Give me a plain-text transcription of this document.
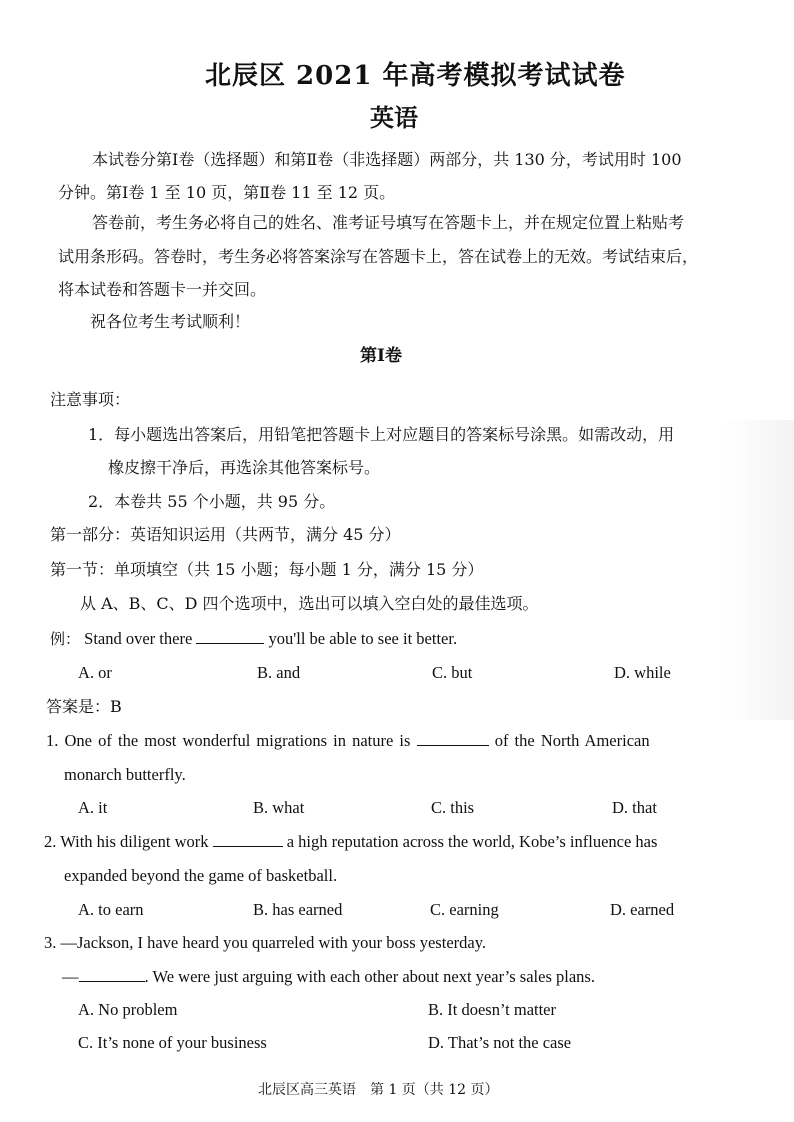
北辰区 2021 年高考模拟考试试卷
英语
本试卷分第Ⅰ卷（选择题）和第Ⅱ卷（非选择题）两部分，共 130 分，考试用时 100
分钟。第Ⅰ卷 1 至 10 页，第Ⅱ卷 11 至 12 页。
答卷前，考生务必将自己的姓名、准考证号填写在答题卡上，并在规定位置上粘贴考
试用条形码。答卷时，考生务必将答案涂写在答题卡上，答在试卷上的无效。考试结束后，
将本试卷和答题卡一并交回。
祝各位考生考试顺利！
第Ⅰ卷
注意事项：
1．每小题选出答案后，用铅笔把答题卡上对应题目的答案标号涂黑。如需改动，用
橡皮擦干净后，再选涂其他答案标号。
2．本卷共 55 个小题，共 95 分。
第一部分：英语知识运用（共两节，满分 45 分）
第一节：单项填空（共 15 小题；每小题 1 分，满分 15 分）
从 A、B、C、D 四个选项中，选出可以填入空白处的最佳选项。
例： Stand over there	you'll be able to see it better.
A. or	B. and	C. but	D. while
答案是：B
1. One of the most wonderful migrations in nature is	of the North American
monarch butterfly.
A. it	B. what	C. this	D. that
2. With his diligent work	a high reputation across the world, Kobe’s influence has
expanded beyond the game of basketball.
A. to earn	B. has earned	C. earning	D. earned
3. —Jackson, I have heard you quarreled with your boss yesterday.
—	. We were just arguing with each other about next year’s sales plans.
A. No problem	B. It doesn’t matter
C. It’s none of your business	D. That’s not the case
北辰区高三英语　第 1 页（共 12 页）
